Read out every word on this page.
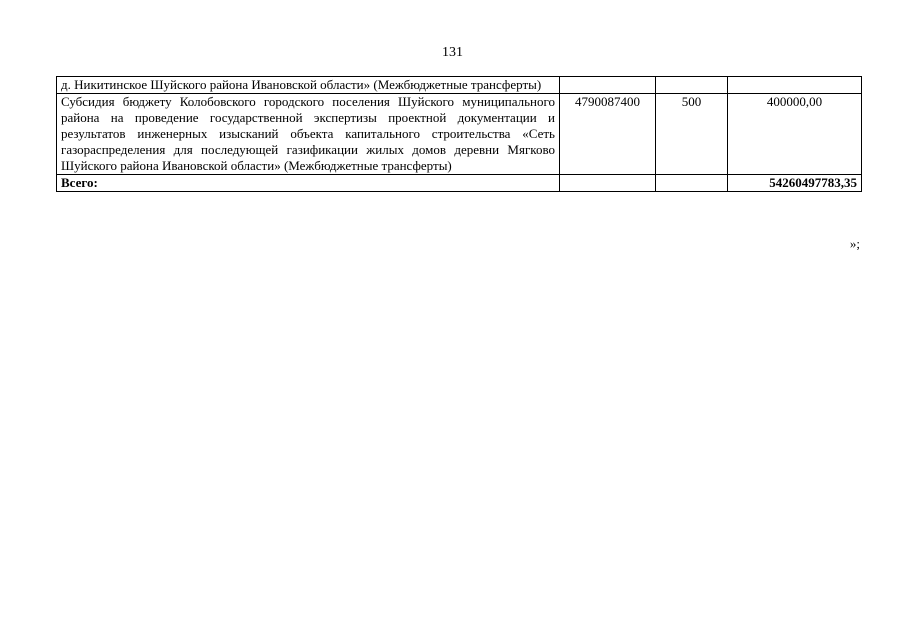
131
д. Никитинское Шуйского района Ивановской области» (Межбюджетные трансферты)			
Субсидия бюджету Колобовского городского поселения Шуйского муниципального района на проведение государственной экспертизы проектной документации и результатов инженерных изысканий объекта капитального строительства «Сеть газораспределения для последующей газификации жилых домов деревни Мягково Шуйского района Ивановской области» (Межбюджетные трансферты)	4790087400	500	400000,00
Всего:			54260497783,35
»;
